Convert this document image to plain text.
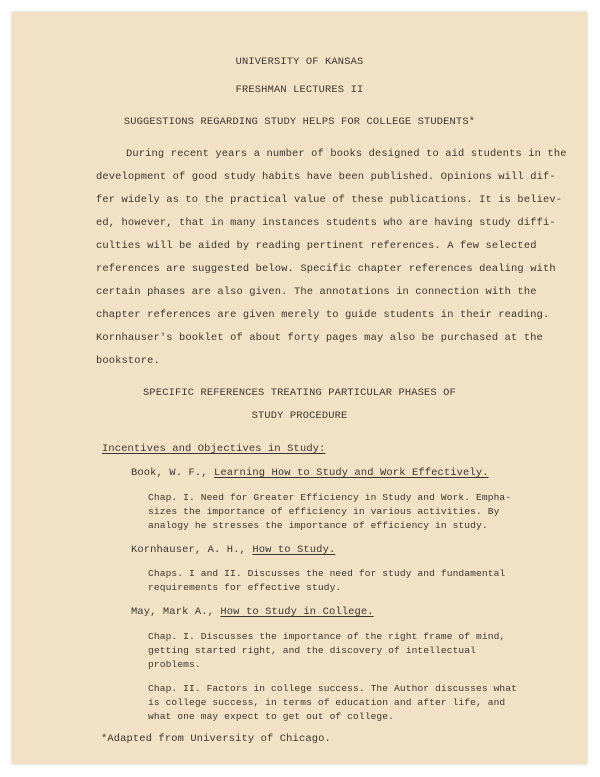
UNIVERSITY OF KANSAS

FRESHMAN LECTURES II

SUGGESTIONS REGARDING STUDY HELPS FOR COLLEGE STUDENTS*

During recent years a number of books designed to aid students in the

development of good study habits have been published. Opinions will dif-

fer widely as to the practical value of these publications. It is believ-

ed, however, that in many instances students who are having study diffi-

culties will be aided by reading pertinent references. A few selected

references are suggested below. Specific chapter references dealing with

certain phases are also given. The annotations in connection with the

chapter references are given merely to guide students in their reading.

Kornhauser's booklet of about forty pages may also be purchased at the

bookstore.

SPECIFIC REFERENCES TREATING PARTICULAR PHASES OF

STUDY PROCEDURE

Incentives and Objectives in Study:

Book, W. F., Learning How to Study and Work Effectively.

Chap. I. Need for Greater Efficiency in Study and Work. Empha-

sizes the importance of efficiency in various activities. By

analogy he stresses the importance of efficiency in study.

Kornhauser, A. H., How to Study.

Chaps. I and II. Discusses the need for study and fundamental

requirements for effective study.

May, Mark A., How to Study in College.

Chap. I. Discusses the importance of the right frame of mind,

getting started right, and the discovery of intellectual

problems.

Chap. II. Factors in college success. The Author discusses what

is college success, in terms of education and after life, and

what one may expect to get out of college.

*Adapted from University of Chicago.
